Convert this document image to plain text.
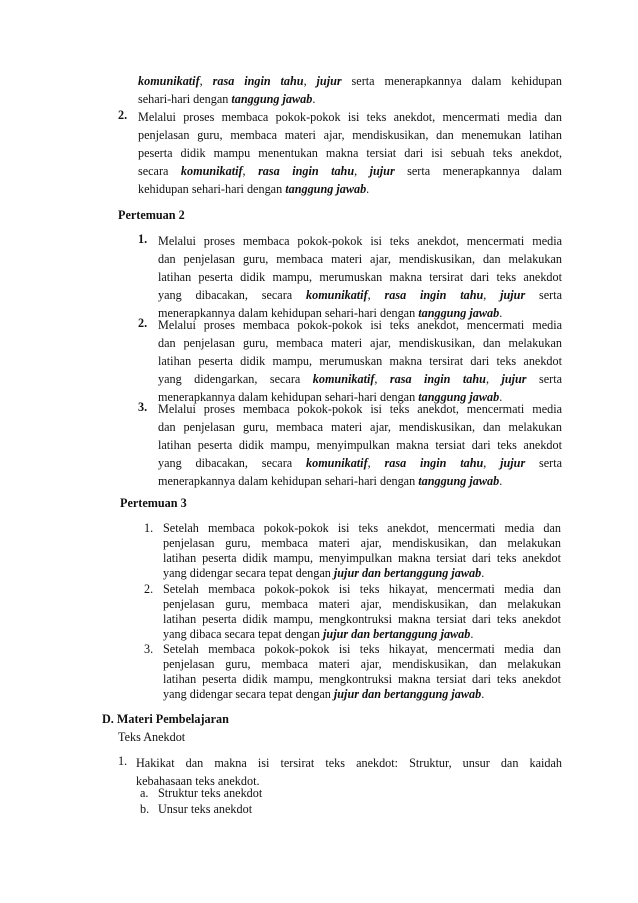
komunikatif, rasa ingin tahu, jujur serta menerapkannya dalam kehidupan

sehari-hari dengan tanggung jawab.

2. Melalui proses membaca pokok-pokok isi teks anekdot, mencermati media dan

penjelasan guru, membaca materi ajar, mendiskusikan, dan menemukan latihan

peserta didik mampu menentukan makna tersiat dari isi sebuah teks anekdot,

secara komunikatif, rasa ingin tahu, jujur serta menerapkannya dalam

kehidupan sehari-hari dengan tanggung jawab.

Pertemuan 2
1. Melalui proses membaca pokok-pokok isi teks anekdot, mencermati media

dan penjelasan guru, membaca materi ajar, mendiskusikan, dan melakukan

latihan peserta didik mampu, merumuskan makna tersirat dari teks anekdot

yang dibacakan, secara komunikatif, rasa ingin tahu, jujur serta

menerapkannya dalam kehidupan sehari-hari dengan tanggung jawab.

2. Melalui proses membaca pokok-pokok isi teks anekdot, mencermati media

dan penjelasan guru, membaca materi ajar, mendiskusikan, dan melakukan

latihan peserta didik mampu, merumuskan makna tersirat dari teks anekdot

yang didengarkan, secara komunikatif, rasa ingin tahu, jujur serta

menerapkannya dalam kehidupan sehari-hari dengan tanggung jawab.

3. Melalui proses membaca pokok-pokok isi teks anekdot, mencermati media

dan penjelasan guru, membaca materi ajar, mendiskusikan, dan melakukan

latihan peserta didik mampu, menyimpulkan makna tersiat dari teks anekdot

yang dibacakan, secara komunikatif, rasa ingin tahu, jujur serta

menerapkannya dalam kehidupan sehari-hari dengan tanggung jawab.

Pertemuan 3
1. Setelah membaca pokok-pokok isi teks anekdot, mencermati media dan

penjelasan guru, membaca materi ajar, mendiskusikan, dan melakukan

latihan peserta didik mampu, menyimpulkan makna tersiat dari teks anekdot

yang didengar secara tepat dengan jujur dan bertanggung jawab.

2. Setelah membaca pokok-pokok isi teks hikayat, mencermati media dan

penjelasan guru, membaca materi ajar, mendiskusikan, dan melakukan

latihan peserta didik mampu, mengkontruksi makna tersiat dari teks anekdot

yang dibaca secara tepat dengan jujur dan bertanggung jawab.

3. Setelah membaca pokok-pokok isi teks hikayat, mencermati media dan

penjelasan guru, membaca materi ajar, mendiskusikan, dan melakukan

latihan peserta didik mampu, mengkontruksi makna tersiat dari teks anekdot

yang didengar secara tepat dengan jujur dan bertanggung jawab.

D. Materi Pembelajaran
Teks Anekdot
1. Hakikat dan makna isi tersirat teks anekdot: Struktur, unsur dan kaidah

kebahasaan teks anekdot.

a. Struktur teks anekdot
b. Unsur teks anekdot
